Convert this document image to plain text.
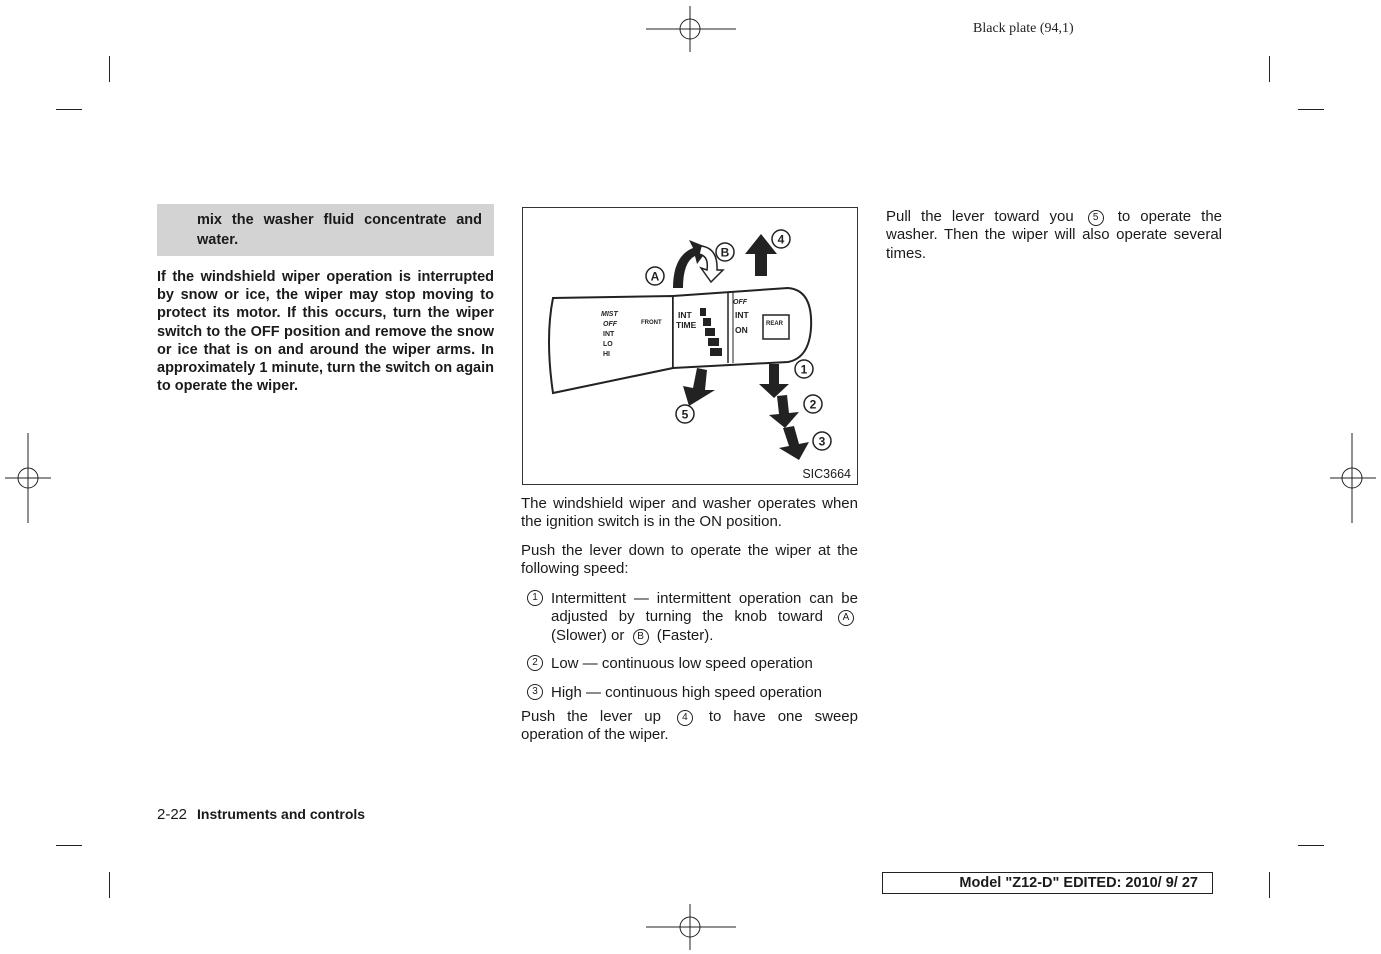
Black plate (94,1)
mix the washer fluid concentrate and water.
If the windshield wiper operation is interrupted by snow or ice, the wiper may stop moving to protect its motor. If this occurs, turn the wiper switch to the OFF position and remove the snow or ice that is on and around the wiper arms. In approximately 1 minute, turn the switch on again to operate the wiper.
MIST
OFF
INT
LO
HI
FRONT
INT
TIME
OFF
INT
ON
REAR
A
B
4
5
1
2
3
SIC3664

The windshield wiper and washer operates when the ignition switch is in the ON position.

Push the lever down to operate the wiper at the following speed:

1 Intermittent — intermittent operation can be adjusted by turning the knob toward A (Slower) or B (Faster).
2 Low — continuous low speed operation
3 High — continuous high speed operation

Push the lever up 4 to have one sweep operation of the wiper.

Pull the lever toward you 5 to operate the washer. Then the wiper will also operate several times.
2-22 Instruments and controls
Model "Z12-D" EDITED: 2010/ 9/ 27
